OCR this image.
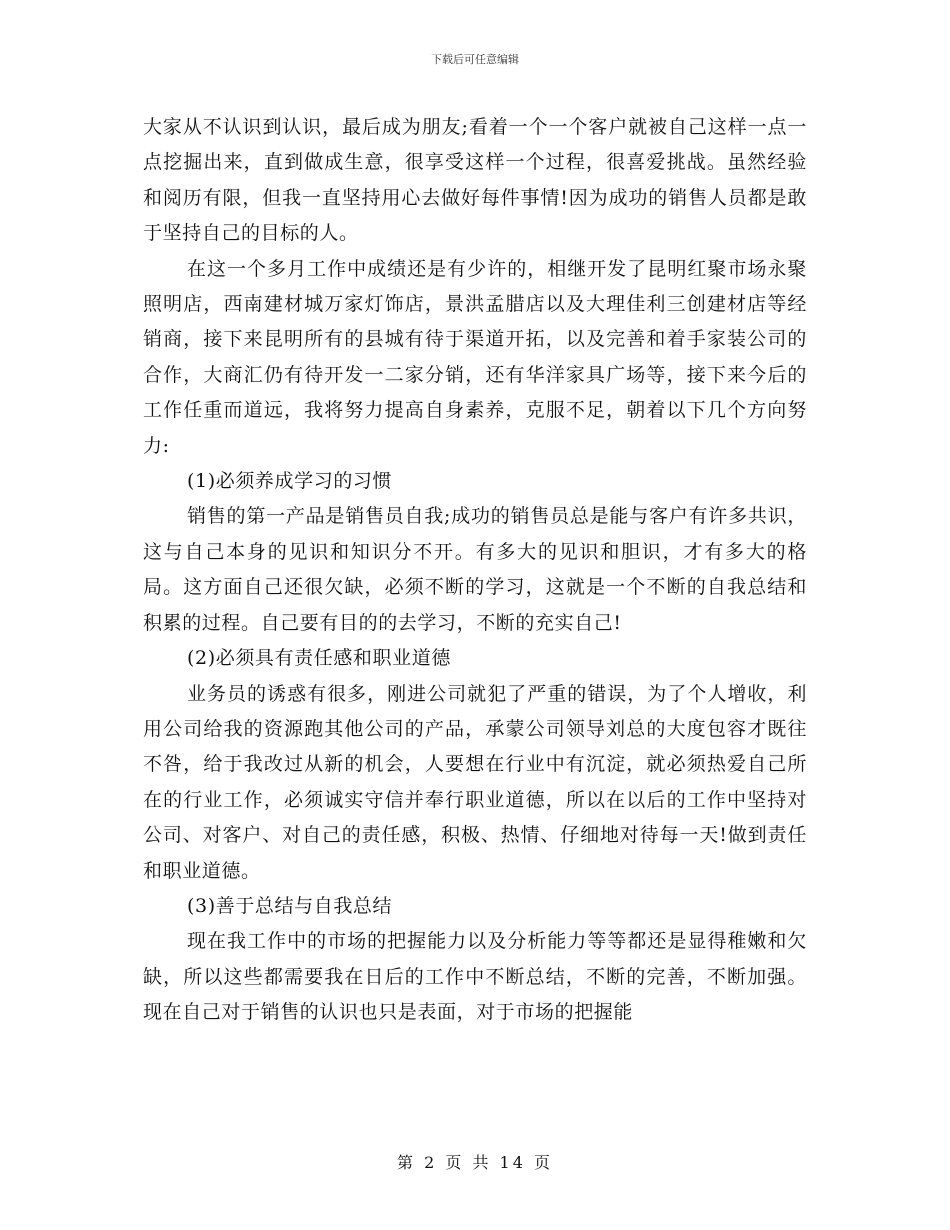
下载后可任意编辑

大家从不认识到认识，最后成为朋友;看着一个一个客户就被自己这样一点一点挖掘出来，直到做成生意，很享受这样一个过程，很喜爱挑战。虽然经验和阅历有限，但我一直坚持用心去做好每件事情!因为成功的销售人员都是敢于坚持自己的目标的人。

在这一个多月工作中成绩还是有少许的，相继开发了昆明红聚市场永聚照明店，西南建材城万家灯饰店，景洪孟腊店以及大理佳利三创建材店等经销商，接下来昆明所有的县城有待于渠道开拓，以及完善和着手家装公司的合作，大商汇仍有待开发一二家分销，还有华洋家具广场等，接下来今后的工作任重而道远，我将努力提高自身素养，克服不足，朝着以下几个方向努力:

(1)必须养成学习的习惯

销售的第一产品是销售员自我;成功的销售员总是能与客户有许多共识，这与自己本身的见识和知识分不开。有多大的见识和胆识，才有多大的格局。这方面自己还很欠缺，必须不断的学习，这就是一个不断的自我总结和积累的过程。自己要有目的的去学习，不断的充实自己!

(2)必须具有责任感和职业道德

业务员的诱惑有很多，刚进公司就犯了严重的错误，为了个人增收，利用公司给我的资源跑其他公司的产品，承蒙公司领导刘总的大度包容才既往不咎，给于我改过从新的机会，人要想在行业中有沉淀，就必须热爱自己所在的行业工作，必须诚实守信并奉行职业道德，所以在以后的工作中坚持对公司、对客户、对自己的责任感，积极、热情、仔细地对待每一天!做到责任和职业道德。

(3)善于总结与自我总结

现在我工作中的市场的把握能力以及分析能力等等都还是显得稚嫩和欠缺，所以这些都需要我在日后的工作中不断总结，不断的完善，不断加强。现在自己对于销售的认识也只是表面，对于市场的把握能

第 2 页 共 14 页
